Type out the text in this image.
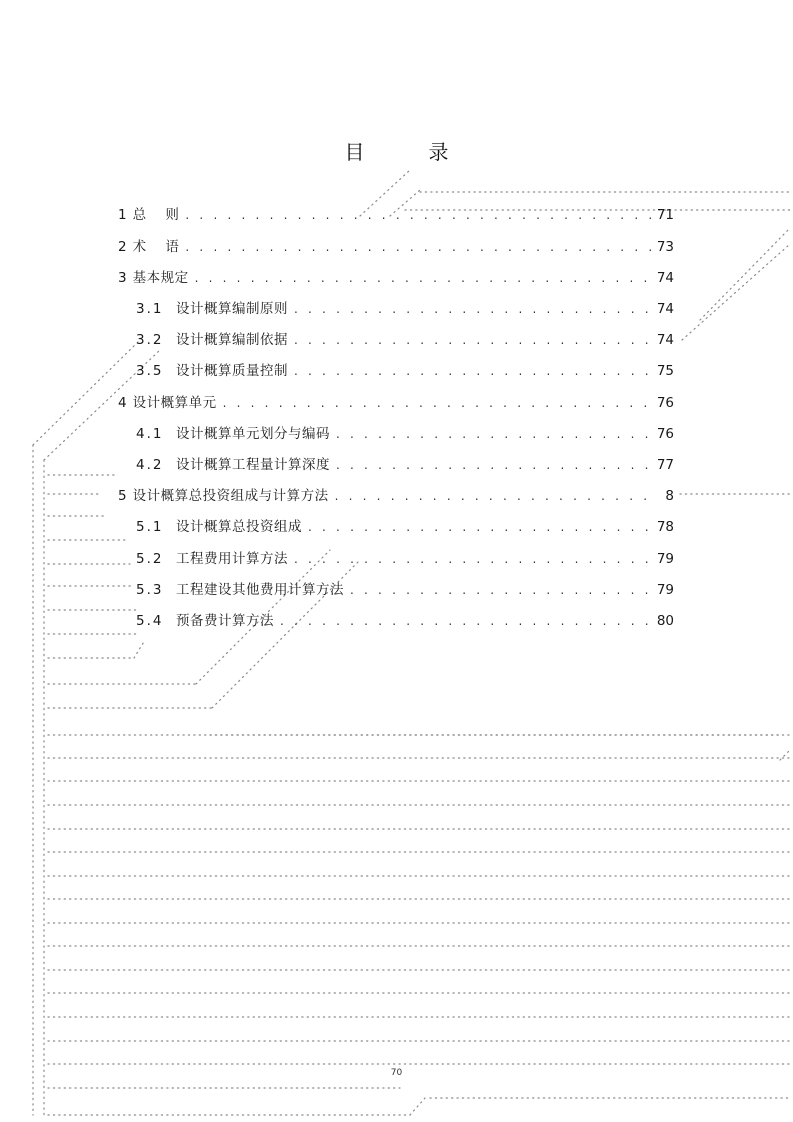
目　录
1 总　 则 . . .	71
2 术　 语 . . .	73
3 基本规定 . . .	74
3.1 设计概算编制原则 . . .	74
3.2 设计概算编制依据 . . .	74
3.5 设计概算质量控制 . . .	75
4 设计概算单元 . . .	76
4.1 设计概算单元划分与编码 . . .	76
4.2 设计概算工程量计算深度 . . .	77
5 设计概算总投资组成与计算方法 . . .	8
5.1 设计概算总投资组成 . . .	78
5.2 工程费用计算方法 . . .	79
5.3 工程建设其他费用计算方法 . . .	79
5.4 预备费计算方法 . . .	80
70
